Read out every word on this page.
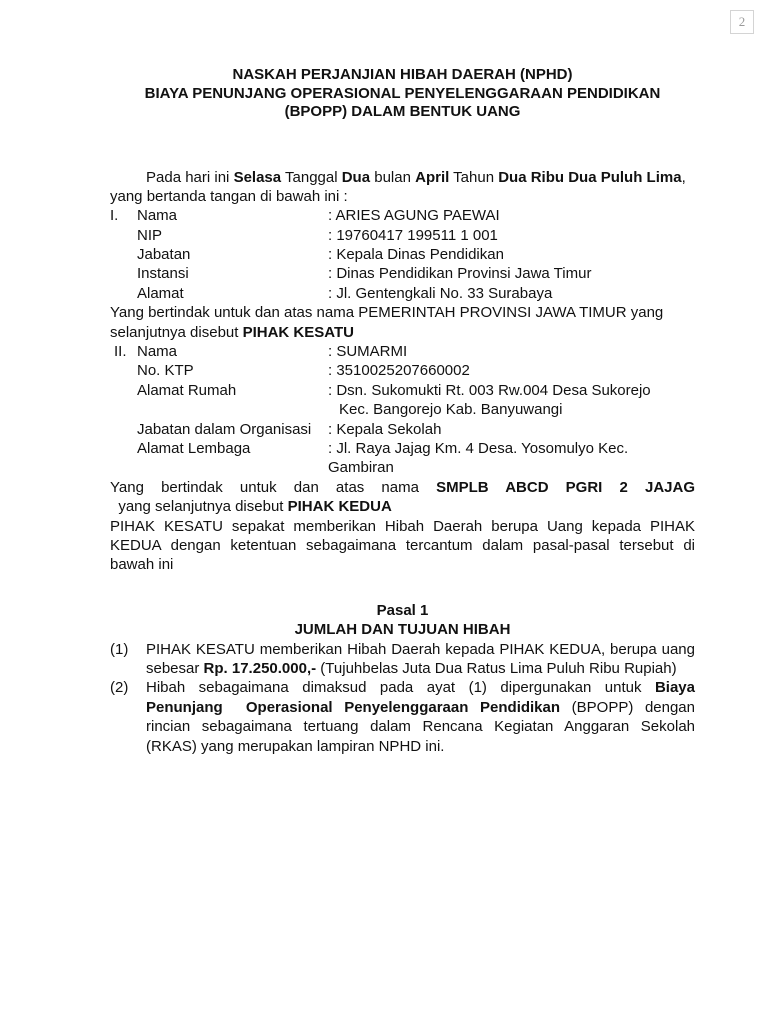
2
NASKAH PERJANJIAN HIBAH DAERAH (NPHD)
BIAYA PENUNJANG OPERASIONAL PENYELENGGARAAN PENDIDIKAN
(BPOPP) DALAM BENTUK UANG
Pada hari ini Selasa Tanggal Dua bulan April Tahun Dua Ribu Dua Puluh Lima, yang bertanda tangan di bawah ini :
I. Nama	: ARIES AGUNG PAEWAI
NIP	: 19760417 199511 1 001
Jabatan	: Kepala Dinas Pendidikan
Instansi	: Dinas Pendidikan Provinsi Jawa Timur
Alamat	: Jl. Gentengkali No. 33 Surabaya
Yang bertindak untuk dan atas nama PEMERINTAH PROVINSI JAWA TIMUR yang selanjutnya disebut PIHAK KESATU
II. Nama	: SUMARMI
No. KTP	: 3510025207660002
Alamat Rumah	: Dsn. Sukomukti Rt. 003 Rw.004 Desa Sukorejo
Kec. Bangorejo Kab. Banyuwangi
Jabatan dalam Organisasi : Kepala Sekolah
Alamat Lembaga	: Jl. Raya Jajag Km. 4 Desa. Yosomulyo Kec. Gambiran
Yang bertindak untuk dan atas nama SMPLB ABCD PGRI 2 JAJAG  yang selanjutnya disebut PIHAK KEDUA
PIHAK KESATU sepakat memberikan Hibah Daerah berupa Uang kepada PIHAK KEDUA dengan ketentuan sebagaimana tercantum dalam pasal-pasal tersebut di bawah ini
Pasal 1
JUMLAH DAN TUJUAN HIBAH
(1) PIHAK KESATU memberikan Hibah Daerah kepada PIHAK KEDUA, berupa uang sebesar Rp. 17.250.000,- (Tujuhbelas Juta Dua Ratus Lima Puluh Ribu Rupiah)
(2) Hibah sebagaimana dimaksud pada ayat (1) dipergunakan untuk Biaya Penunjang  Operasional Penyelenggaraan Pendidikan (BPOPP) dengan rincian sebagaimana tertuang dalam Rencana Kegiatan Anggaran Sekolah (RKAS) yang merupakan lampiran NPHD ini.
